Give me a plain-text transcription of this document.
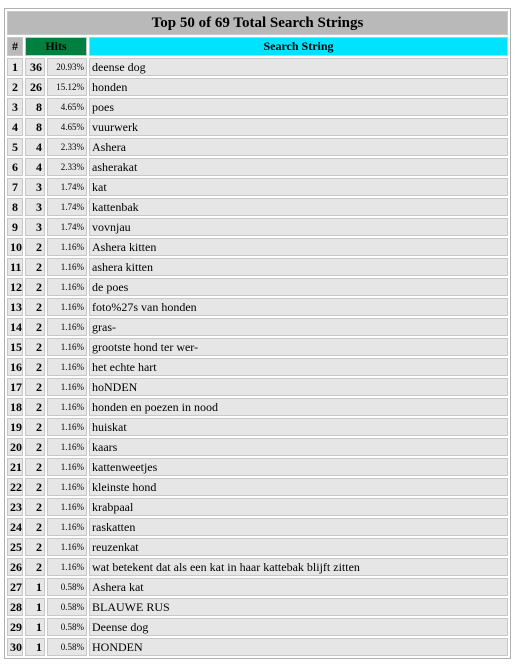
Top 50 of 69 Total Search Strings			
#	Hits		Search String
1	36	20.93%	deense dog
2	26	15.12%	honden
3	8	4.65%	poes
4	8	4.65%	vuurwerk
5	4	2.33%	Ashera
6	4	2.33%	asherakat
7	3	1.74%	kat
8	3	1.74%	kattenbak
9	3	1.74%	vovnjau
10	2	1.16%	Ashera kitten
11	2	1.16%	ashera kitten
12	2	1.16%	de poes
13	2	1.16%	foto%27s van honden
14	2	1.16%	gras-
15	2	1.16%	grootste hond ter wer-
16	2	1.16%	het echte hart
17	2	1.16%	hoNDEN
18	2	1.16%	honden en poezen in nood
19	2	1.16%	huiskat
20	2	1.16%	kaars
21	2	1.16%	kattenweetjes
22	2	1.16%	kleinste hond
23	2	1.16%	krabpaal
24	2	1.16%	raskatten
25	2	1.16%	reuzenkat
26	2	1.16%	wat betekent dat als een kat in haar kattebak blijft zitten
27	1	0.58%	Ashera kat
28	1	0.58%	BLAUWE RUS
29	1	0.58%	Deense dog
30	1	0.58%	HONDEN
